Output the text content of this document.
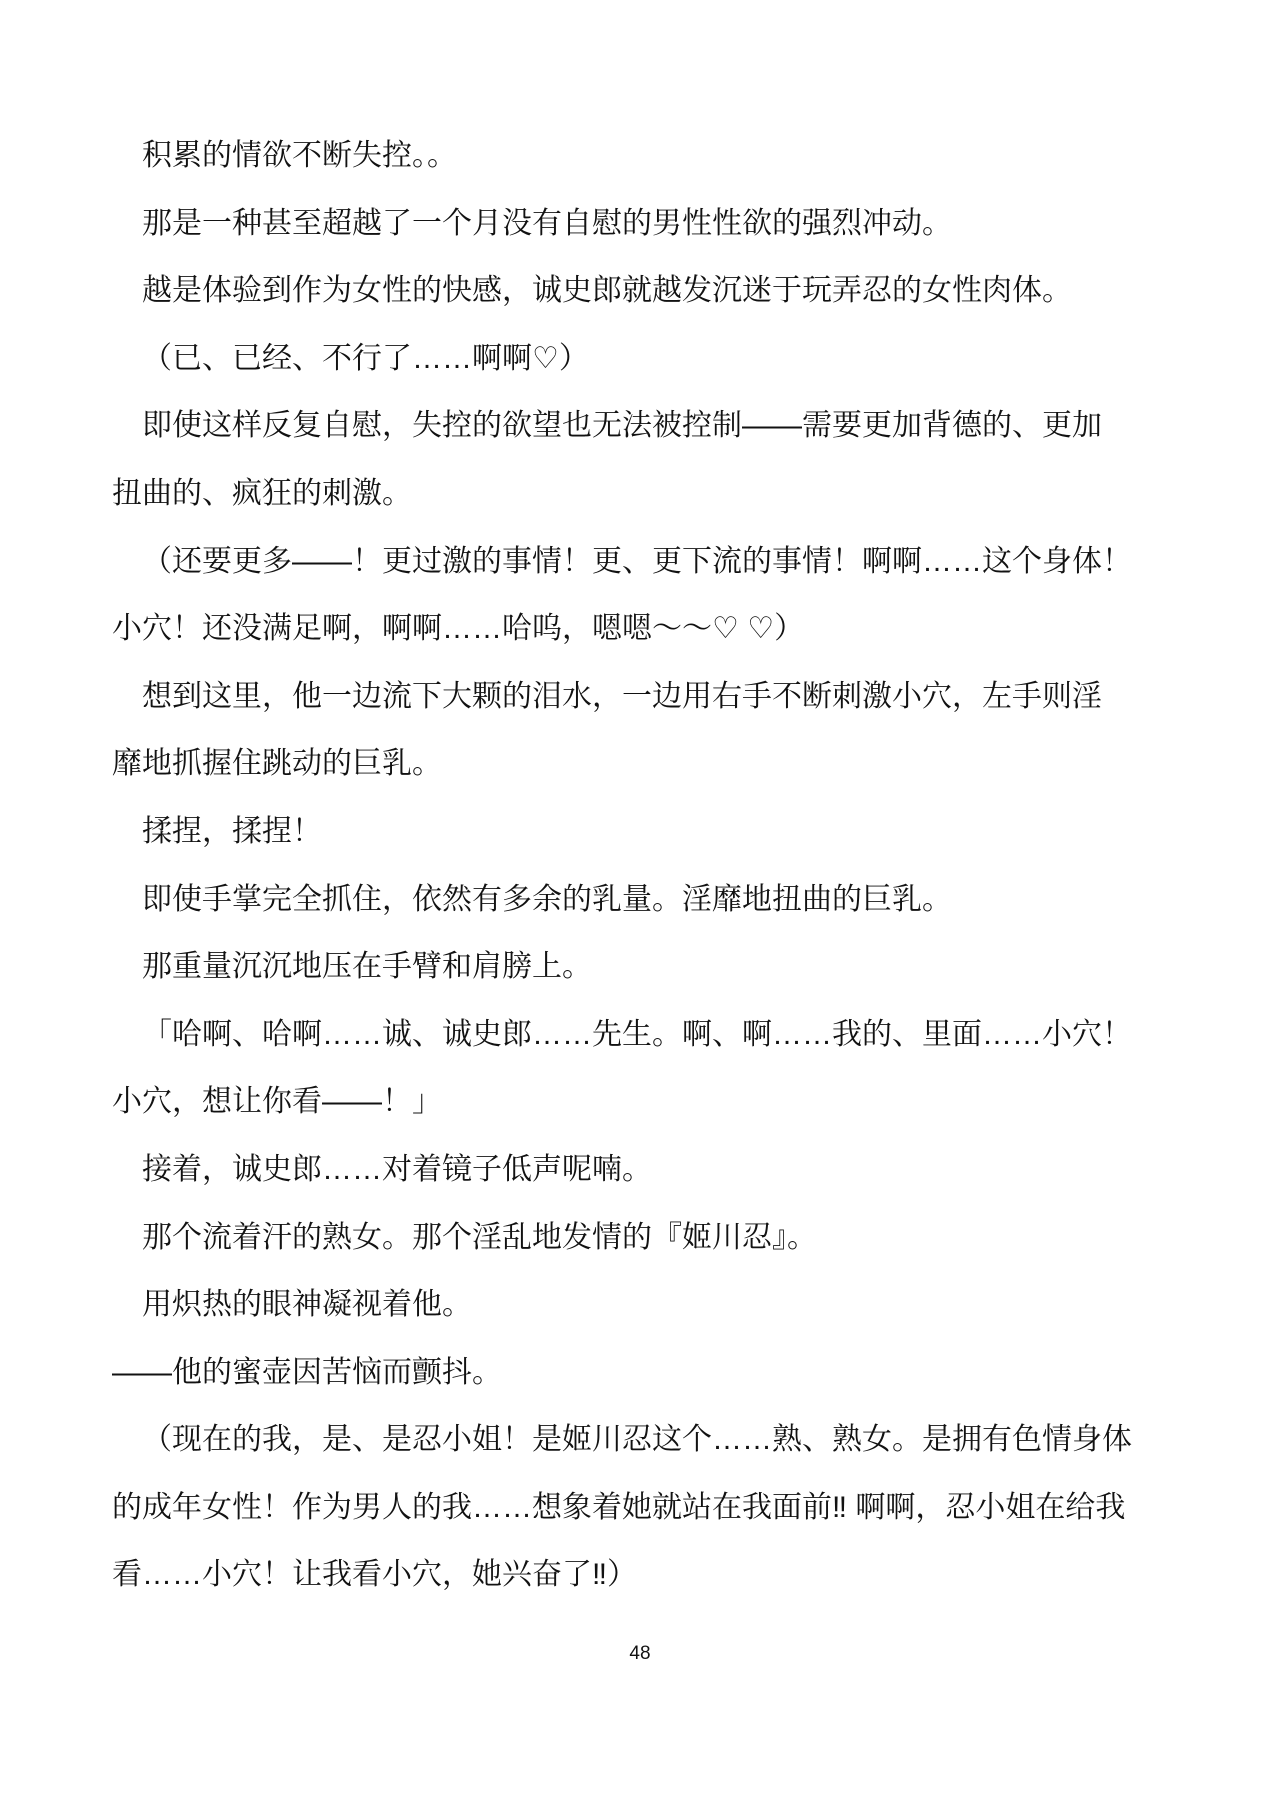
积累的情欲不断失控。。
那是一种甚至超越了一个月没有自慰的男性性欲的强烈冲动。
越是体验到作为女性的快感，诚史郎就越发沉迷于玩弄忍的女性肉体。
（已、已经、不行了……啊啊♡）
即使这样反复自慰，失控的欲望也无法被控制——需要更加背德的、更加
扭曲的、疯狂的刺激。
（还要更多——！更过激的事情！更、更下流的事情！啊啊……这个身体！
小穴！还没满足啊，啊啊……哈呜，嗯嗯～～♡ ♡）
想到这里，他一边流下大颗的泪水，一边用右手不断刺激小穴，左手则淫
靡地抓握住跳动的巨乳。
揉捏，揉捏！
即使手掌完全抓住，依然有多余的乳量。淫靡地扭曲的巨乳。
那重量沉沉地压在手臂和肩膀上。
「哈啊、哈啊……诚、诚史郎……先生。啊、啊……我的、里面……小穴！
小穴，想让你看——！」
接着，诚史郎……对着镜子低声呢喃。
那个流着汗的熟女。那个淫乱地发情的『姬川忍』。
用炽热的眼神凝视着他。
——他的蜜壶因苦恼而颤抖。
（现在的我，是、是忍小姐！是姬川忍这个……熟、熟女。是拥有色情身体
的成年女性！作为男人的我……想象着她就站在我面前‼ 啊啊，忍小姐在给我
看……小穴！让我看小穴，她兴奋了‼）
48
